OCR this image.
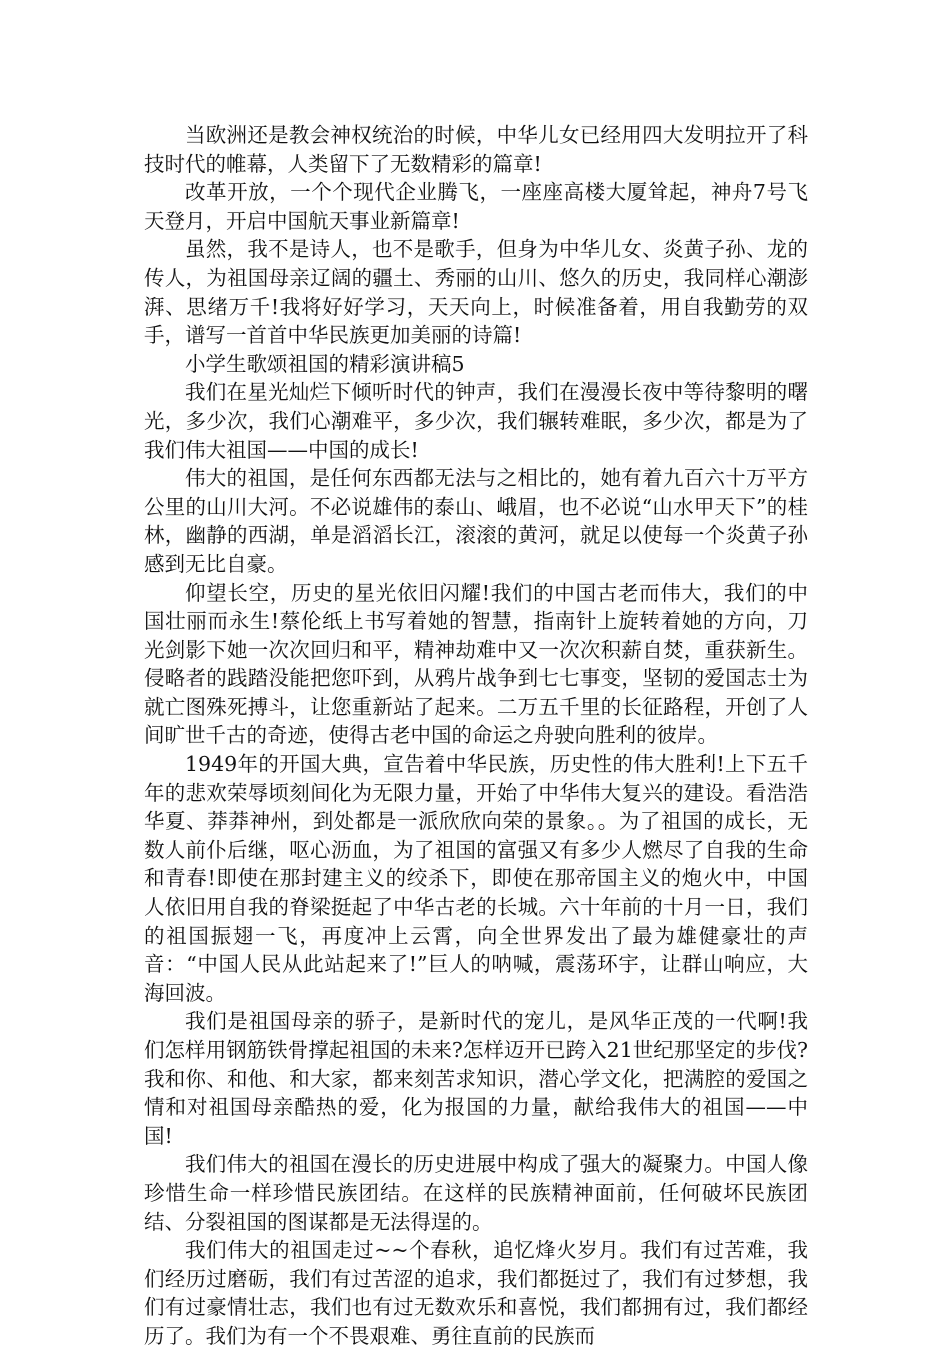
当欧洲还是教会神权统治的时候，中华儿女已经用四大发明拉开了科技时代的帷幕，人类留下了无数精彩的篇章!

改革开放，一个个现代企业腾飞，一座座高楼大厦耸起，神舟7号飞天登月，开启中国航天事业新篇章!

虽然，我不是诗人，也不是歌手，但身为中华儿女、炎黄子孙、龙的传人，为祖国母亲辽阔的疆土、秀丽的山川、悠久的历史，我同样心潮澎湃、思绪万千!我将好好学习，天天向上，时候准备着，用自我勤劳的双手，谱写一首首中华民族更加美丽的诗篇!

小学生歌颂祖国的精彩演讲稿5

我们在星光灿烂下倾听时代的钟声，我们在漫漫长夜中等待黎明的曙光，多少次，我们心潮难平，多少次，我们辗转难眠，多少次，都是为了我们伟大祖国——中国的成长!

伟大的祖国，是任何东西都无法与之相比的，她有着九百六十万平方公里的山川大河。不必说雄伟的泰山、峨眉，也不必说“山水甲天下”的桂林，幽静的西湖，单是滔滔长江，滚滚的黄河，就足以使每一个炎黄子孙感到无比自豪。

仰望长空，历史的星光依旧闪耀!我们的中国古老而伟大，我们的中国壮丽而永生!蔡伦纸上书写着她的智慧，指南针上旋转着她的方向，刀光剑影下她一次次回归和平，精神劫难中又一次次积薪自焚，重获新生。侵略者的践踏没能把您吓到，从鸦片战争到七七事变，坚韧的爱国志士为就亡图殊死搏斗，让您重新站了起来。二万五千里的长征路程，开创了人间旷世千古的奇迹，使得古老中国的命运之舟驶向胜利的彼岸。

1949年的开国大典，宣告着中华民族，历史性的伟大胜利!上下五千年的悲欢荣辱顷刻间化为无限力量，开始了中华伟大复兴的建设。看浩浩华夏、莽莽神州，到处都是一派欣欣向荣的景象。。为了祖国的成长，无数人前仆后继，呕心沥血，为了祖国的富强又有多少人燃尽了自我的生命和青春!即使在那封建主义的绞杀下，即使在那帝国主义的炮火中，中国人依旧用自我的脊梁挺起了中华古老的长城。六十年前的十月一日，我们的祖国振翅一飞，再度冲上云霄，向全世界发出了最为雄健豪壮的声音：“中国人民从此站起来了!”巨人的呐喊，震荡环宇，让群山响应，大海回波。

我们是祖国母亲的骄子，是新时代的宠儿，是风华正茂的一代啊!我们怎样用钢筋铁骨撑起祖国的未来?怎样迈开已跨入21世纪那坚定的步伐?我和你、和他、和大家，都来刻苦求知识，潜心学文化，把满腔的爱国之情和对祖国母亲酷热的爱，化为报国的力量，献给我伟大的祖国——中国!

我们伟大的祖国在漫长的历史进展中构成了强大的凝聚力。中国人像珍惜生命一样珍惜民族团结。在这样的民族精神面前，任何破坏民族团结、分裂祖国的图谋都是无法得逞的。

我们伟大的祖国走过~~个春秋，追忆烽火岁月。我们有过苦难，我们经历过磨砺，我们有过苦涩的追求，我们都挺过了，我们有过梦想，我们有过豪情壮志，我们也有过无数欢乐和喜悦，我们都拥有过，我们都经历了。我们为有一个不畏艰难、勇往直前的民族而
